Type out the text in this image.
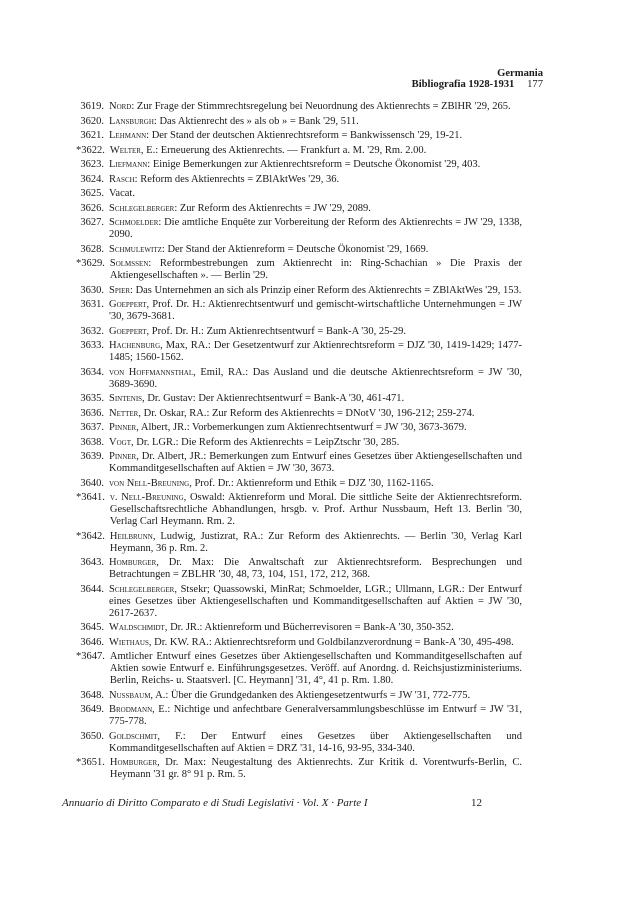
Germania
Bibliografia 1928-1931 177
3619. Nord: Zur Frage der Stimmrechtsregelung bei Neuordnung des Aktienrechts = ZBlHR '29, 265.
3620. Lansburgh: Das Aktienrecht des » als ob » = Bank '29, 511.
3621. Lehmann: Der Stand der deutschen Aktienrechtsreform = Bankwissensch '29, 19-21.
*3622. Welter, E.: Erneuerung des Aktienrechts. — Frankfurt a. M. '29, Rm. 2.00.
3623. Liefmann: Einige Bemerkungen zur Aktienrechtsreform = Deutsche Ökonomist '29, 403.
3624. Rasch: Reform des Aktienrechts = ZBlAktWes '29, 36.
3625. Vacat.
3626. Schlegelberger: Zur Reform des Aktienrechts = JW '29, 2089.
3627. Schmoelder: Die amtliche Enquête zur Vorbereitung der Reform des Aktienrechts = JW '29, 1338, 2090.
3628. Schmulewitz: Der Stand der Aktienreform = Deutsche Ökonomist '29, 1669.
*3629. Solmssen: Reformbestrebungen zum Aktienrecht in: Ring-Schachian » Die Praxis der Aktiengesellschaften ». — Berlin '29.
3630. Spier: Das Unternehmen an sich als Prinzip einer Reform des Aktienrechts = ZBlAktWes '29, 153.
3631. Goeppert, Prof. Dr. H.: Aktienrechtsentwurf und gemischt-wirtschaftliche Unternehmungen = JW '30, 3679-3681.
3632. Goeppert, Prof. Dr. H.: Zum Aktienrechtsentwurf = Bank-A '30, 25-29.
3633. Hachenburg, Max, RA.: Der Gesetzentwurf zur Aktienrechtsreform = DJZ '30, 1419-1429; 1477-1485; 1560-1562.
3634. von Hoffmannsthal, Emil, RA.: Das Ausland und die deutsche Aktienrechtsreform = JW '30, 3689-3690.
3635. Sintenis, Dr. Gustav: Der Aktienrechtsentwurf = Bank-A '30, 461-471.
3636. Netter, Dr. Oskar, RA.: Zur Reform des Aktienrechts = DNotV '30, 196-212; 259-274.
3637. Pinner, Albert, JR.: Vorbemerkungen zum Aktienrechtsentwurf = JW '30, 3673-3679.
3638. Vogt, Dr. LGR.: Die Reform des Aktienrechts = LeipZtschr '30, 285.
3639. Pinner, Dr. Albert, JR.: Bemerkungen zum Entwurf eines Gesetzes über Aktiengesellschaften und Kommanditgesellschaften auf Aktien = JW '30, 3673.
3640. von Nell-Breuning, Prof. Dr.: Aktienreform und Ethik = DJZ '30, 1162-1165.
*3641. v. Nell-Breuning, Oswald: Aktienreform und Moral. Die sittliche Seite der Aktienrechtsreform. Gesellschaftsrechtliche Abhandlungen, hrsgb. v. Prof. Arthur Nussbaum, Heft 13. Berlin '30, Verlag Carl Heymann. Rm. 2.
*3642. Heilbrunn, Ludwig, Justizrat, RA.: Zur Reform des Aktienrechts. — Berlin '30, Verlag Karl Heymann, 36 p. Rm. 2.
3643. Homburger, Dr. Max: Die Anwaltschaft zur Aktienrechtsreform. Besprechungen und Betrachtungen = ZBLHR '30, 48, 73, 104, 151, 172, 212, 368.
3644. Schlegelberger, Stsekr; Quassowski, MinRat; Schmoelder, LGR.; Ullmann, LGR.: Der Entwurf eines Gesetzes über Aktiengesellschaften und Kommanditgesellschaften auf Aktien = JW '30, 2617-2637.
3645. Waldschmidt, Dr. JR.: Aktienreform und Bücherrevisoren = Bank-A '30, 350-352.
3646. Wiethaus, Dr. KW. RA.: Aktienrechtsreform und Goldbilanzverordnung = Bank-A '30, 495-498.
*3647. Amtlicher Entwurf eines Gesetzes über Aktiengesellschaften und Kommanditgesellschaften auf Aktien sowie Entwurf e. Einführungsgesetzes. Veröff. auf Anordng. d. Reichsjustizministeriums. Berlin, Reichs- u. Staatsverl. [C. Heymann] '31, 4°, 41 p. Rm. 1.80.
3648. Nussbaum, A.: Über die Grundgedanken des Aktiengesetzentwurfs = JW '31, 772-775.
3649. Brodmann, E.: Nichtige und anfechtbare Generalversammlungsbeschlüsse im Entwurf = JW '31, 775-778.
3650. Goldschmit, F.: Der Entwurf eines Gesetzes über Aktiengesellschaften und Kommanditgesellschaften auf Aktien = DRZ '31, 14-16, 93-95, 334-340.
*3651. Homburger, Dr. Max: Neugestaltung des Aktienrechts. Zur Kritik d. Vorentwurfs-Berlin, C. Heymann '31 gr. 8° 91 p. Rm. 5.
Annuario di Diritto Comparato e di Studi Legislativi · Vol. X · Parte I	12
